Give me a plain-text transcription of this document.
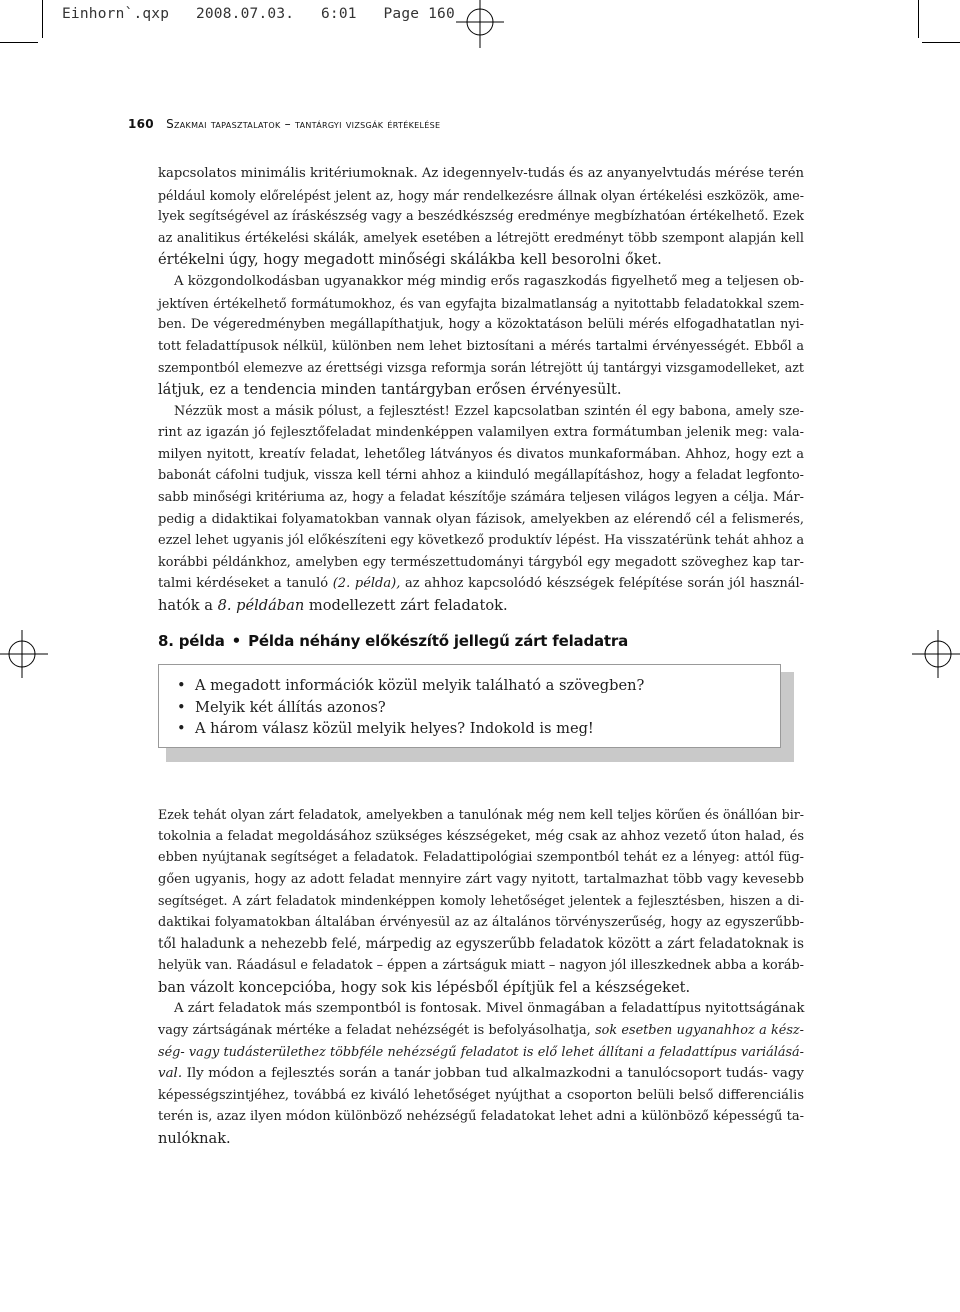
Einhorn`.qxp   2008.07.03.   6:01   Page 160
160 Szakmai tapasztalatok – tantárgyi vizsgák értékelése

kapcsolatos minimális kritériumoknak. Az idegennyelv-tudás és az anyanyelvtudás mérése terén
például komoly előrelépést jelent az, hogy már rendelkezésre állnak olyan értékelési eszközök, ame-
lyek segítségével az íráskészség vagy a beszédkészség eredménye megbízhatóan értékelhető. Ezek
az analitikus értékelési skálák, amelyek esetében a létrejött eredményt több szempont alapján kell
értékelni úgy, hogy megadott minőségi skálákba kell besorolni őket.

A közgondolkodásban ugyanakkor még mindig erős ragaszkodás figyelhető meg a teljesen ob-
jektíven értékelhető formátumokhoz, és van egyfajta bizalmatlanság a nyitottabb feladatokkal szem-
ben. De végeredményben megállapíthatjuk, hogy a közoktatáson belüli mérés elfogadhatatlan nyi-
tott feladattípusok nélkül, különben nem lehet biztosítani a mérés tartalmi érvényességét. Ebből a
szempontból elemezve az érettségi vizsga reformja során létrejött új tantárgyi vizsgamodelleket, azt
látjuk, ez a tendencia minden tantárgyban erősen érvényesült.

Nézzük most a másik pólust, a fejlesztést! Ezzel kapcsolatban szintén él egy babona, amely sze-
rint az igazán jó fejlesztőfeladat mindenképpen valamilyen extra formátumban jelenik meg: vala-
milyen nyitott, kreatív feladat, lehetőleg látványos és divatos munkaformában. Ahhoz, hogy ezt a
babonát cáfolni tudjuk, vissza kell térni ahhoz a kiinduló megállapításhoz, hogy a feladat legfonto-
sabb minőségi kritériuma az, hogy a feladat készítője számára teljesen világos legyen a célja. Már-
pedig a didaktikai folyamatokban vannak olyan fázisok, amelyekben az elérendő cél a felismerés,
ezzel lehet ugyanis jól előkészíteni egy következő produktív lépést. Ha visszatérünk tehát ahhoz a
korábbi példánkhoz, amelyben egy természettudományi tárgyból egy megadott szöveghez kap tar-
talmi kérdéseket a tanuló (2. példa), az ahhoz kapcsolódó készségek felépítése során jól használ-
hatók a 8. példában modellezett zárt feladatok.

8. példa • Példa néhány előkészítő jellegű zárt feladatra
• A megadott információk közül melyik található a szövegben?
• Melyik két állítás azonos?
• A három válasz közül melyik helyes? Indokold is meg!

Ezek tehát olyan zárt feladatok, amelyekben a tanulónak még nem kell teljes körűen és önállóan bir-
tokolnia a feladat megoldásához szükséges készségeket, még csak az ahhoz vezető úton halad, és
ebben nyújtanak segítséget a feladatok. Feladattipológiai szempontból tehát ez a lényeg: attól füg-
gően ugyanis, hogy az adott feladat mennyire zárt vagy nyitott, tartalmazhat több vagy kevesebb
segítséget. A zárt feladatok mindenképpen komoly lehetőséget jelentek a fejlesztésben, hiszen a di-
daktikai folyamatokban általában érvényesül az az általános törvényszerűség, hogy az egyszerűbb-
től haladunk a nehezebb felé, márpedig az egyszerűbb feladatok között a zárt feladatoknak is
helyük van. Ráadásul e feladatok – éppen a zártságuk miatt – nagyon jól illeszkednek abba a koráb-
ban vázolt koncepcióba, hogy sok kis lépésből építjük fel a készségeket.

A zárt feladatok más szempontból is fontosak. Mivel önmagában a feladattípus nyitottságának
vagy zártságának mértéke a feladat nehézségét is befolyásolhatja, sok esetben ugyanahhoz a kész-
ség- vagy tudásterülethez többféle nehézségű feladatot is elő lehet állítani a feladattípus variálásá-
val. Ily módon a fejlesztés során a tanár jobban tud alkalmazkodni a tanulócsoport tudás- vagy
képességszintjéhez, továbbá ez kiváló lehetőséget nyújthat a csoporton belüli belső differenciális
terén is, azaz ilyen módon különböző nehézségű feladatokat lehet adni a különböző képességű ta-
nulóknak.
